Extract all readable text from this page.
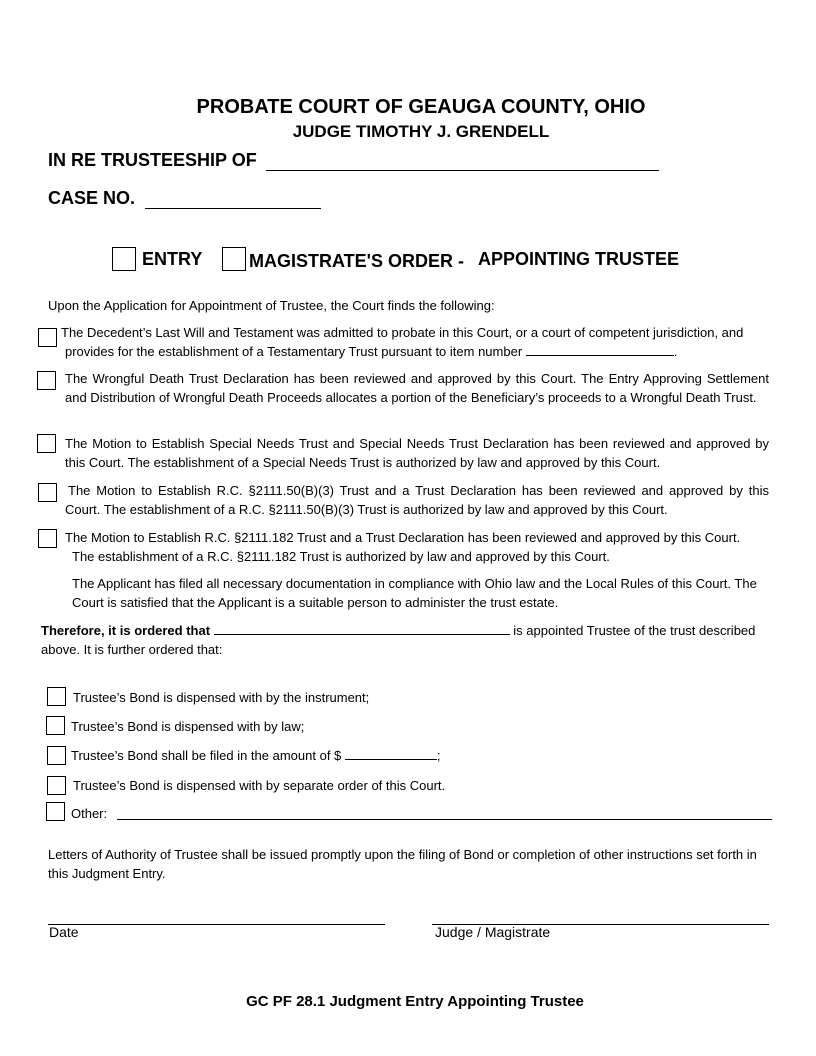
PROBATE COURT OF GEAUGA COUNTY, OHIO
JUDGE TIMOTHY J. GRENDELL
IN RE TRUSTEESHIP OF
CASE NO.
ENTRY	MAGISTRATE'S ORDER - APPOINTING TRUSTEE
Upon the Application for Appointment of Trustee, the Court finds the following:
The Decedent’s Last Will and Testament was admitted to probate in this Court, or a court of competent jurisdiction, and
provides for the establishment of a Testamentary Trust pursuant to item number	.
The Wrongful Death Trust Declaration has been reviewed and approved by this Court. The Entry Approving Settlement and Distribution of Wrongful Death Proceeds allocates a portion of the Beneficiary’s proceeds to a Wrongful Death Trust.
The Motion to Establish Special Needs Trust and Special Needs Trust Declaration has been reviewed and approved by this Court. The establishment of a Special Needs Trust is authorized by law and approved by this Court.
The Motion to Establish R.C. §2111.50(B)(3) Trust and a Trust Declaration has been reviewed and approved by this Court. The establishment of a R.C. §2111.50(B)(3) Trust is authorized by law and approved by this Court.
The Motion to Establish R.C. §2111.182 Trust and a Trust Declaration has been reviewed and approved by this Court.
The establishment of a R.C. §2111.182 Trust is authorized by law and approved by this Court.
The Applicant has filed all necessary documentation in compliance with Ohio law and the Local Rules of this Court. The Court is satisfied that the Applicant is a suitable person to administer the trust estate.
Therefore, it is ordered that	is appointed Trustee of the trust described
above. It is further ordered that:
Trustee’s Bond is dispensed with by the instrument;
Trustee’s Bond is dispensed with by law;
Trustee’s Bond shall be filed in the amount of $	;
Trustee’s Bond is dispensed with by separate order of this Court.
Other:
Letters of Authority of Trustee shall be issued promptly upon the filing of Bond or completion of other instructions set forth in this Judgment Entry.
Date	Judge / Magistrate
GC PF 28.1 Judgment Entry Appointing Trustee
